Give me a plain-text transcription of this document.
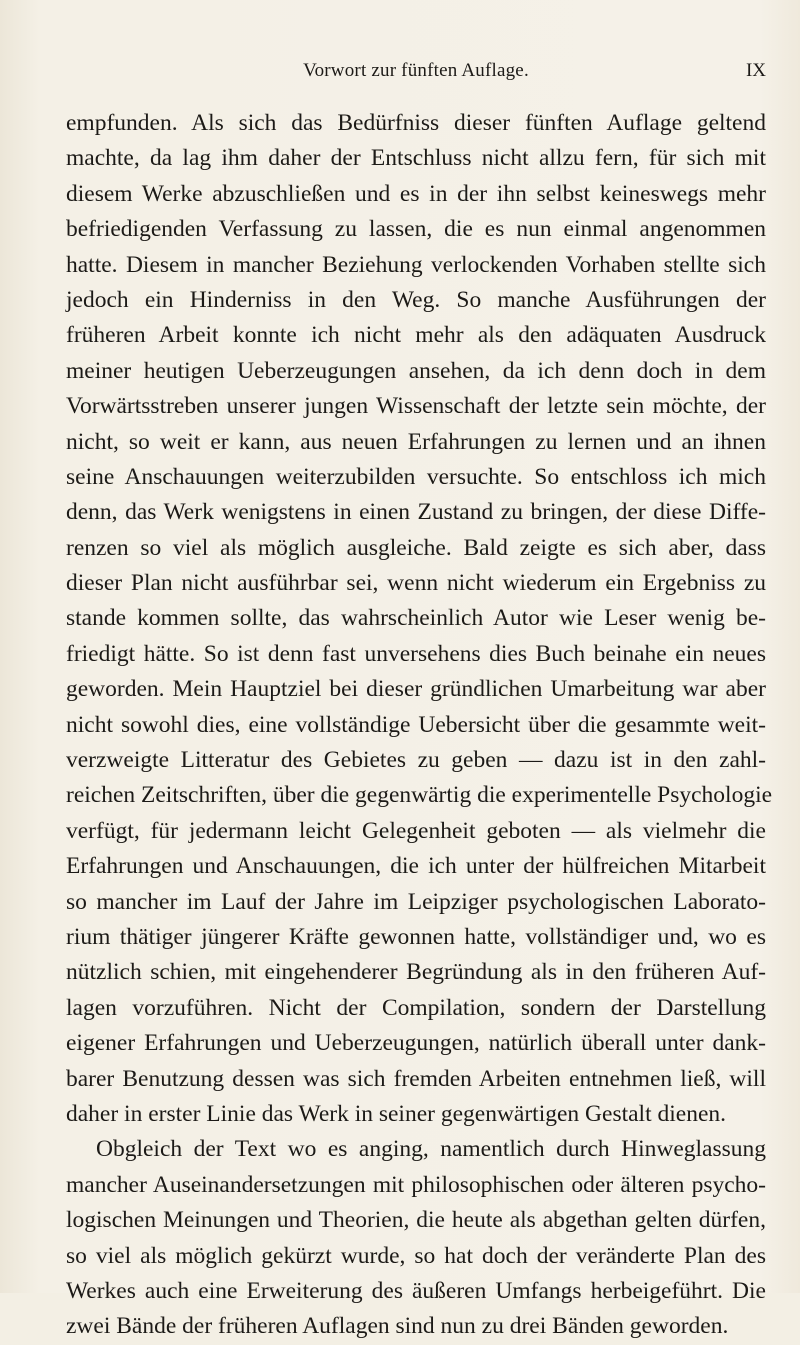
Vorwort zur fünften Auflage.	IX
empfunden. Als sich das Bedürfniss dieser fünften Auflage geltend
machte, da lag ihm daher der Entschluss nicht allzu fern, für sich mit
diesem Werke abzuschließen und es in der ihn selbst keineswegs mehr
befriedigenden Verfassung zu lassen, die es nun einmal angenommen
hatte. Diesem in mancher Beziehung verlockenden Vorhaben stellte sich
jedoch ein Hinderniss in den Weg. So manche Ausführungen der
früheren Arbeit konnte ich nicht mehr als den adäquaten Ausdruck
meiner heutigen Ueberzeugungen ansehen, da ich denn doch in dem
Vorwärtsstreben unserer jungen Wissenschaft der letzte sein möchte, der
nicht, so weit er kann, aus neuen Erfahrungen zu lernen und an ihnen
seine Anschauungen weiterzubilden versuchte. So entschloss ich mich
denn, das Werk wenigstens in einen Zustand zu bringen, der diese Diffe-
renzen so viel als möglich ausgleiche. Bald zeigte es sich aber, dass
dieser Plan nicht ausführbar sei, wenn nicht wiederum ein Ergebniss zu
stande kommen sollte, das wahrscheinlich Autor wie Leser wenig be-
friedigt hätte. So ist denn fast unversehens dies Buch beinahe ein neues
geworden. Mein Hauptziel bei dieser gründlichen Umarbeitung war aber
nicht sowohl dies, eine vollständige Uebersicht über die gesammte weit-
verzweigte Litteratur des Gebietes zu geben — dazu ist in den zahl-
reichen Zeitschriften, über die gegenwärtig die experimentelle Psychologie
verfügt, für jedermann leicht Gelegenheit geboten — als vielmehr die
Erfahrungen und Anschauungen, die ich unter der hülfreichen Mitarbeit
so mancher im Lauf der Jahre im Leipziger psychologischen Laborato-
rium thätiger jüngerer Kräfte gewonnen hatte, vollständiger und, wo es
nützlich schien, mit eingehenderer Begründung als in den früheren Auf-
lagen vorzuführen. Nicht der Compilation, sondern der Darstellung
eigener Erfahrungen und Ueberzeugungen, natürlich überall unter dank-
barer Benutzung dessen was sich fremden Arbeiten entnehmen ließ, will
daher in erster Linie das Werk in seiner gegenwärtigen Gestalt dienen.
Obgleich der Text wo es anging, namentlich durch Hinweglassung
mancher Auseinandersetzungen mit philosophischen oder älteren psycho-
logischen Meinungen und Theorien, die heute als abgethan gelten dürfen,
so viel als möglich gekürzt wurde, so hat doch der veränderte Plan des
Werkes auch eine Erweiterung des äußeren Umfangs herbeigeführt. Die
zwei Bände der früheren Auflagen sind nun zu drei Bänden geworden.
